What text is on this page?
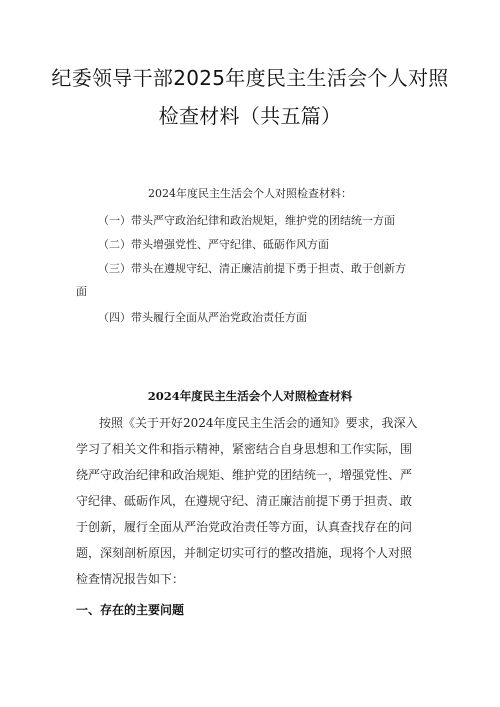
纪委领导干部2025年度民主生活会个人对照
检查材料（共五篇）
2024年度民主生活会个人对照检查材料：
（一）带头严守政治纪律和政治规矩，维护党的团结统一方面
（二）带头增强党性、严守纪律、砥砺作风方面
（三）带头在遵规守纪、清正廉洁前提下勇于担责、敢于创新方
面
（四）带头履行全面从严治党政治责任方面
2024年度民主生活会个人对照检查材料
按照《关于开好2024年度民主生活会的通知》要求，我深入
学习了相关文件和指示精神，紧密结合自身思想和工作实际，围
绕严守政治纪律和政治规矩、维护党的团结统一，增强党性、严
守纪律、砥砺作风，在遵规守纪、清正廉洁前提下勇于担责、敢
于创新，履行全面从严治党政治责任等方面，认真查找存在的问
题，深刻剖析原因，并制定切实可行的整改措施，现将个人对照
检查情况报告如下：
一、存在的主要问题
